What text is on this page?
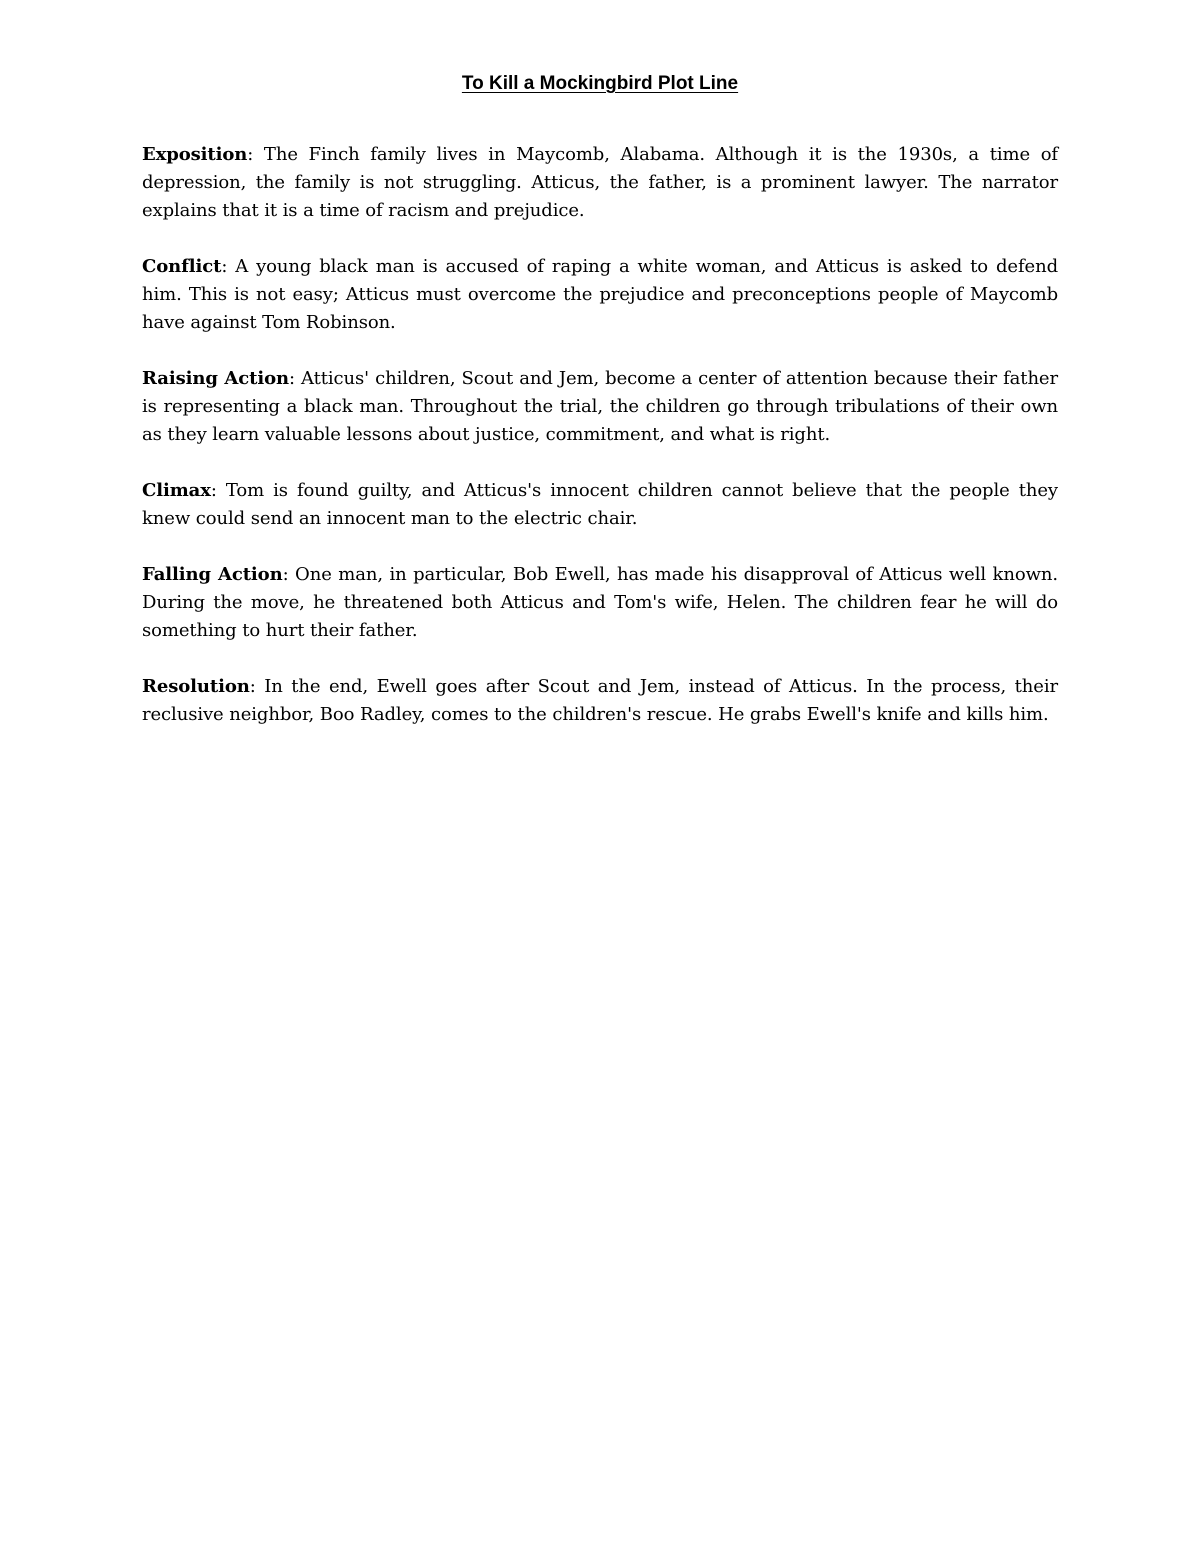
To Kill a Mockingbird Plot Line

Exposition: The Finch family lives in Maycomb, Alabama. Although it is the 1930s, a time of depression, the family is not struggling. Atticus, the father, is a prominent lawyer. The narrator explains that it is a time of racism and prejudice.

Conflict: A young black man is accused of raping a white woman, and Atticus is asked to defend him. This is not easy; Atticus must overcome the prejudice and preconceptions people of Maycomb have against Tom Robinson.

Raising Action: Atticus' children, Scout and Jem, become a center of attention because their father is representing a black man. Throughout the trial, the children go through tribulations of their own as they learn valuable lessons about justice, commitment, and what is right.

Climax: Tom is found guilty, and Atticus's innocent children cannot believe that the people they knew could send an innocent man to the electric chair.

Falling Action: One man, in particular, Bob Ewell, has made his disapproval of Atticus well known. During the move, he threatened both Atticus and Tom's wife, Helen. The children fear he will do something to hurt their father.

Resolution: In the end, Ewell goes after Scout and Jem, instead of Atticus. In the process, their reclusive neighbor, Boo Radley, comes to the children's rescue. He grabs Ewell's knife and kills him.
